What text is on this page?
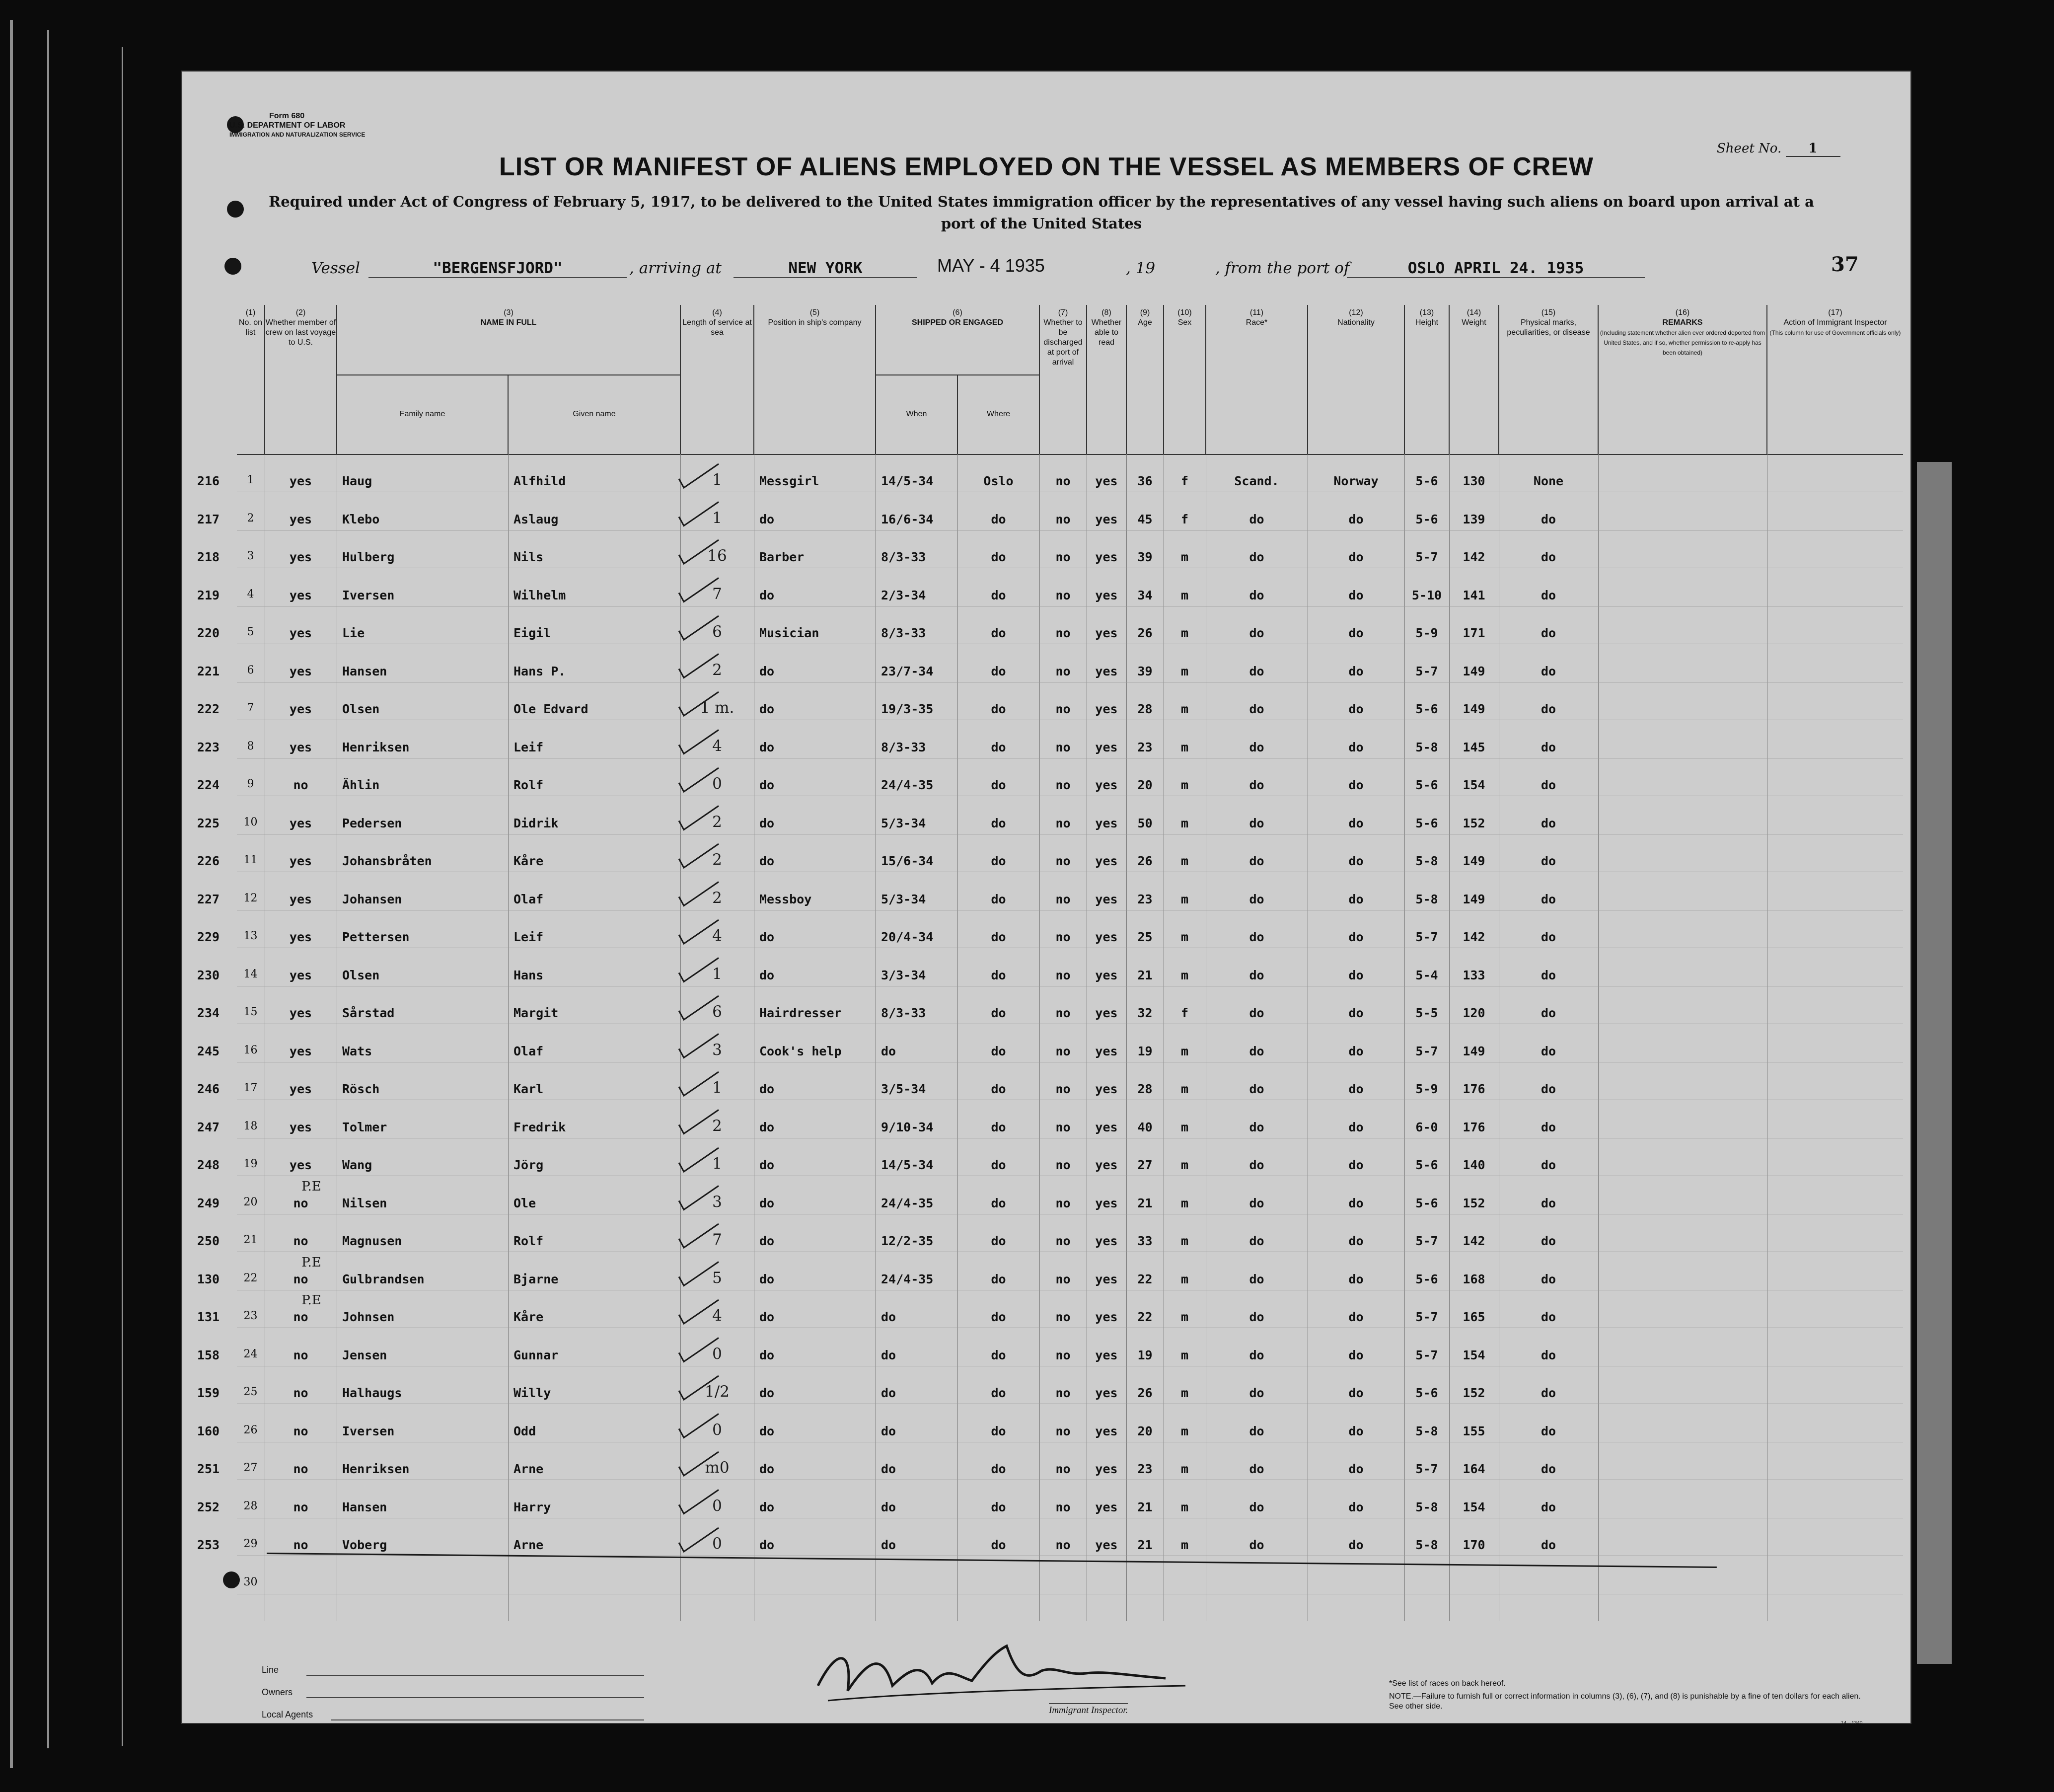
Form 680
U.S. DEPARTMENT OF LABOR
IMMIGRATION AND NATURALIZATION SERVICE
Sheet No. 1
LIST OR MANIFEST OF ALIENS EMPLOYED ON THE VESSEL AS MEMBERS OF CREW
Required under Act of Congress of February 5, 1917, to be delivered to the United States immigration officer by the representatives of any vessel having such aliens on board upon arrival at a port of the United States
Vessel	"BERGENSFJORD"	, arriving at	NEW YORK	MAY - 4 1935	, 19	, from the port of	OSLO APRIL 24. 1935	37
(1)
No. on list
(2)
Whether member of crew on last voyage to U.S.
(3)
NAME IN FULL
Family name	Given name
(4)
Length of service at sea
(5)
Position in ship's company
(6)
SHIPPED OR ENGAGED
When	Where
(7)
Whether to be discharged at port of arrival
(8)
Whether able to read
(9)
Age
(10)
Sex
(11)
Race*
(12)
Nationality
(13)
Height
(14)
Weight
(15)
Physical marks, peculiarities, or disease
(16)
REMARKS
(Including statement whether alien ever ordered deported from United States, and if so, whether permission to re-apply has been obtained)
(17)
Action of Immigrant Inspector
(This column for use of Government officials only)
216	1	yes	Haug	Alfhild	1	Messgirl	14/5-34	Oslo	no	yes	36	f	Scand.	Norway	5-6	130	None
217	2	yes	Klebo	Aslaug	1	do	16/6-34	do	no	yes	45	f	do	do	5-6	139	do
218	3	yes	Hulberg	Nils	16	Barber	8/3-33	do	no	yes	39	m	do	do	5-7	142	do
219	4	yes	Iversen	Wilhelm	7	do	2/3-34	do	no	yes	34	m	do	do	5-10	141	do
220	5	yes	Lie	Eigil	6	Musician	8/3-33	do	no	yes	26	m	do	do	5-9	171	do
221	6	yes	Hansen	Hans P.	2	do	23/7-34	do	no	yes	39	m	do	do	5-7	149	do
222	7	yes	Olsen	Ole Edvard	1 m.	do	19/3-35	do	no	yes	28	m	do	do	5-6	149	do
223	8	yes	Henriksen	Leif	4	do	8/3-33	do	no	yes	23	m	do	do	5-8	145	do
224	9	no	Ählin	Rolf	0	do	24/4-35	do	no	yes	20	m	do	do	5-6	154	do
225	10	yes	Pedersen	Didrik	2	do	5/3-34	do	no	yes	50	m	do	do	5-6	152	do
226	11	yes	Johansbråten	Kåre	2	do	15/6-34	do	no	yes	26	m	do	do	5-8	149	do
227	12	yes	Johansen	Olaf	2	Messboy	5/3-34	do	no	yes	23	m	do	do	5-8	149	do
229	13	yes	Pettersen	Leif	4	do	20/4-34	do	no	yes	25	m	do	do	5-7	142	do
230	14	yes	Olsen	Hans	1	do	3/3-34	do	no	yes	21	m	do	do	5-4	133	do
234	15	yes	Sårstad	Margit	6	Hairdresser	8/3-33	do	no	yes	32	f	do	do	5-5	120	do
245	16	yes	Wats	Olaf	3	Cook's help	do	do	no	yes	19	m	do	do	5-7	149	do
246	17	yes	Rösch	Karl	1	do	3/5-34	do	no	yes	28	m	do	do	5-9	176	do
247	18	yes	Tolmer	Fredrik	2	do	9/10-34	do	no	yes	40	m	do	do	6-0	176	do
248	19	yes	Wang	Jörg	1	do	14/5-34	do	no	yes	27	m	do	do	5-6	140	do
249	20	no	Nilsen	Ole	3	do	24/4-35	do	no	yes	21	m	do	do	5-6	152	do
250	21	no	Magnusen	Rolf	7	do	12/2-35	do	no	yes	33	m	do	do	5-7	142	do
130	22	no	Gulbrandsen	Bjarne	5	do	24/4-35	do	no	yes	22	m	do	do	5-6	168	do
131	23	no	Johnsen	Kåre	4	do	do	do	no	yes	22	m	do	do	5-7	165	do
158	24	no	Jensen	Gunnar	0	do	do	do	no	yes	19	m	do	do	5-7	154	do
159	25	no	Halhaugs	Willy	1/2	do	do	do	no	yes	26	m	do	do	5-6	152	do
160	26	no	Iversen	Odd	0	do	do	do	no	yes	20	m	do	do	5-8	155	do
251	27	no	Henriksen	Arne	m0	do	do	do	no	yes	23	m	do	do	5-7	164	do
252	28	no	Hansen	Harry	0	do	do	do	no	yes	21	m	do	do	5-8	154	do
253	29	no	Voberg	Arne	0	do	do	do	no	yes	21	m	do	do	5-8	170	do
30
P.E
P.E
P.E
Line
Owners
Local Agents	Immigrant Inspector.
*See list of races on back hereof.
NOTE.—Failure to furnish full or correct information in columns (3), (6), (7), and (8) is punishable by a fine of ten dollars for each alien. See other side.
14—1340
